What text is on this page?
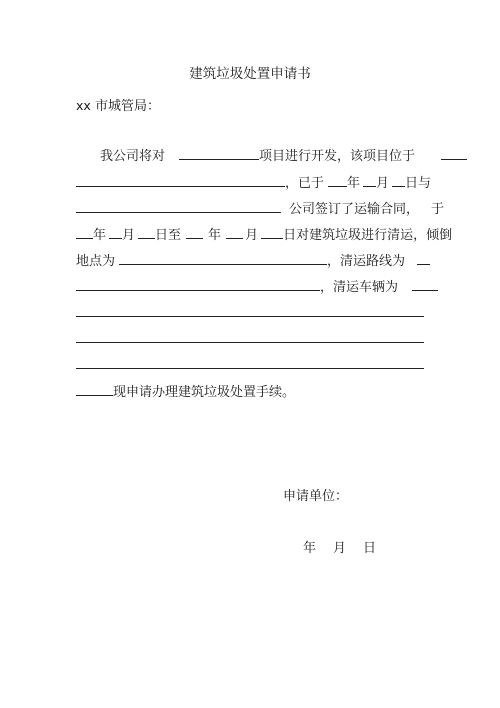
建筑垃圾处置申请书
xx 市城管局：
我公司将对	项目进行开发，该项目位于
，已于 年 月 日与
公司签订了运输合同， 于
年 月 日至 年 月 日对建筑垃圾进行清运，倾倒
地点为	，清运路线为
，清运车辆为
现申请办理建筑垃圾处置手续。
申请单位：
年 月 日
